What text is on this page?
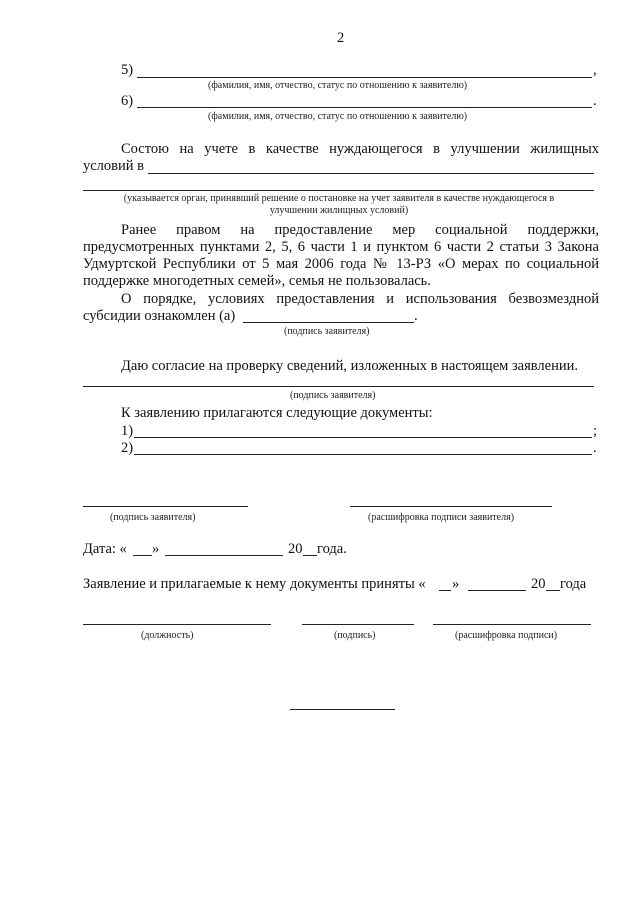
2
5)	,
(фамилия, имя, отчество, статус по отношению к заявителю)
6)	.
(фамилия, имя, отчество, статус по отношению к заявителю)
Состою на учете в качестве нуждающегося в улучшении жилищных
условий в
(указывается орган, принявший решение о постановке на учет заявителя в качестве нуждающегося в
улучшении жилищных условий)
Ранее правом на предоставление мер социальной поддержки,
предусмотренных пунктами 2, 5, 6 части 1 и пунктом 6 части 2 статьи 3 Закона
Удмуртской Республики от 5 мая 2006 года № 13-РЗ «О мерах по социальной
поддержке многодетных семей», семья не пользовалась.
О порядке, условиях предоставления и использования безвозмездной
субсидии ознакомлен (а)	.
(подпись заявителя)
Даю согласие на проверку сведений, изложенных в настоящем заявлении.
(подпись заявителя)
К заявлению прилагаются следующие документы:
1)	;
2)	.
(подпись заявителя)	(расшифровка подписи заявителя)
Дата: « »	20 года.
Заявление и прилагаемые к нему документы приняты « »	20 года
(должность)	(подпись)	(расшифровка подписи)
